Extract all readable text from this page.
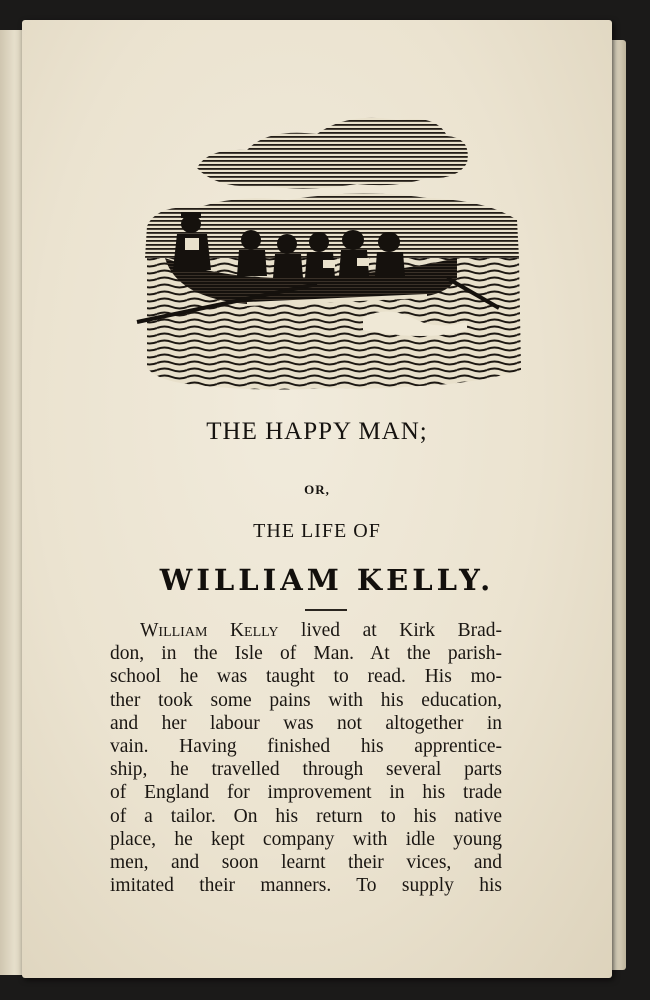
THE HAPPY MAN;
OR,
THE LIFE OF
WILLIAM KELLY.
William Kelly lived at Kirk Brad-
don, in the Isle of Man. At the parish-
school he was taught to read. His mo-
ther took some pains with his education,
and her labour was not altogether in
vain. Having finished his apprentice-
ship, he travelled through several parts
of England for improvement in his trade
of a tailor. On his return to his native
place, he kept company with idle young
men, and soon learnt their vices, and
imitated their manners. To supply his
